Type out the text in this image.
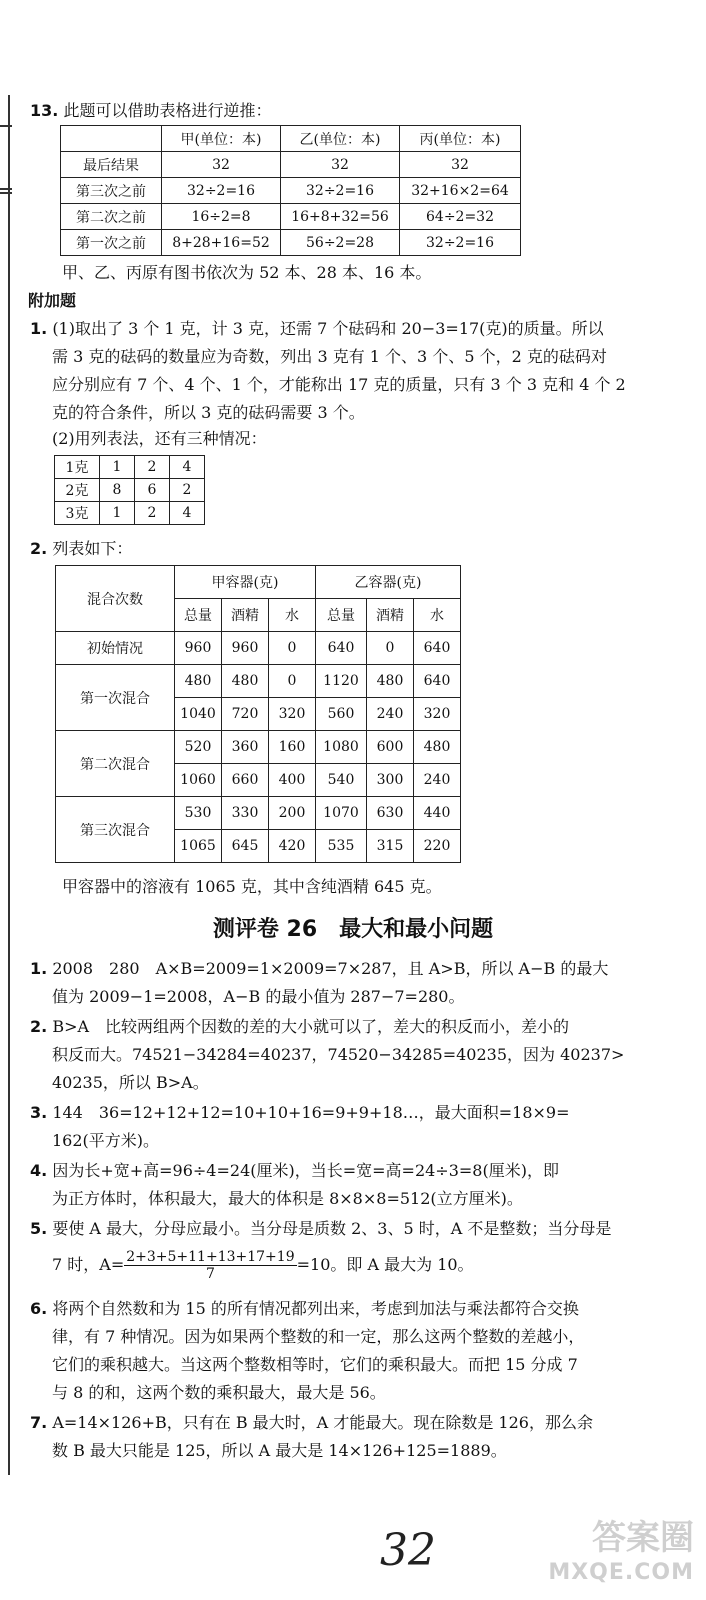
13. 此题可以借助表格进行逆推：
	甲(单位：本)	乙(单位：本)	丙(单位：本)
最后结果	32	32	32
第三次之前	32÷2=16	32÷2=16	32+16×2=64
第二次之前	16÷2=8	16+8+32=56	64÷2=32
第一次之前	8+28+16=52	56÷2=28	32÷2=16
甲、乙、丙原有图书依次为 52 本、28 本、16 本。
附加题
1. (1)取出了 3 个 1 克，计 3 克，还需 7 个砝码和 20−3=17(克)的质量。所以
需 3 克的砝码的数量应为奇数，列出 3 克有 1 个、3 个、5 个，2 克的砝码对
应分别应有 7 个、4 个、1 个，才能称出 17 克的质量，只有 3 个 3 克和 4 个 2
克的符合条件，所以 3 克的砝码需要 3 个。
(2)用列表法，还有三种情况：
1克	1	2	4
2克	8	6	2
3克	1	2	4
2. 列表如下：
混合次数	甲容器(克)			乙容器(克)		
	总量	酒精	水	总量	酒精	水
初始情况	960	960	0	640	0	640
第一次混合	480	480	0	1120	480	640
	1040	720	320	560	240	320
第二次混合	520	360	160	1080	600	480
	1060	660	400	540	300	240
第三次混合	530	330	200	1070	630	440
	1065	645	420	535	315	220
甲容器中的溶液有 1065 克，其中含纯酒精 645 克。
测评卷 26　最大和最小问题
1. 2008　280　A×B=2009=1×2009=7×287，且 A>B，所以 A−B 的最大
值为 2009−1=2008，A−B 的最小值为 287−7=280。
2. B>A　比较两组两个因数的差的大小就可以了，差大的积反而小，差小的
积反而大。74521−34284=40237，74520−34285=40235，因为 40237>
40235，所以 B>A。
3. 144　36=12+12+12=10+10+16=9+9+18…，最大面积=18×9=
162(平方米)。
4. 因为长+宽+高=96÷4=24(厘米)，当长=宽=高=24÷3=8(厘米)，即
为正方体时，体积最大，最大的体积是 8×8×8=512(立方厘米)。
5. 要使 A 最大，分母应最小。当分母是质数 2、3、5 时，A 不是整数；当分母是
7 时，$A= \frac{2+3+5+11+13+17+19}{7} =10$。即 A 最大为 10。
6. 将两个自然数和为 15 的所有情况都列出来，考虑到加法与乘法都符合交换
律，有 7 种情况。因为如果两个整数的和一定，那么这两个整数的差越小，
它们的乘积越大。当这两个整数相等时，它们的乘积最大。而把 15 分成 7
与 8 的和，这两个数的乘积最大，最大是 56。
7. A=14×126+B，只有在 B 最大时，A 才能最大。现在除数是 126，那么余
数 B 最大只能是 125，所以 A 最大是 14×126+125=1889。
32	答案圈
MXQE.COM
